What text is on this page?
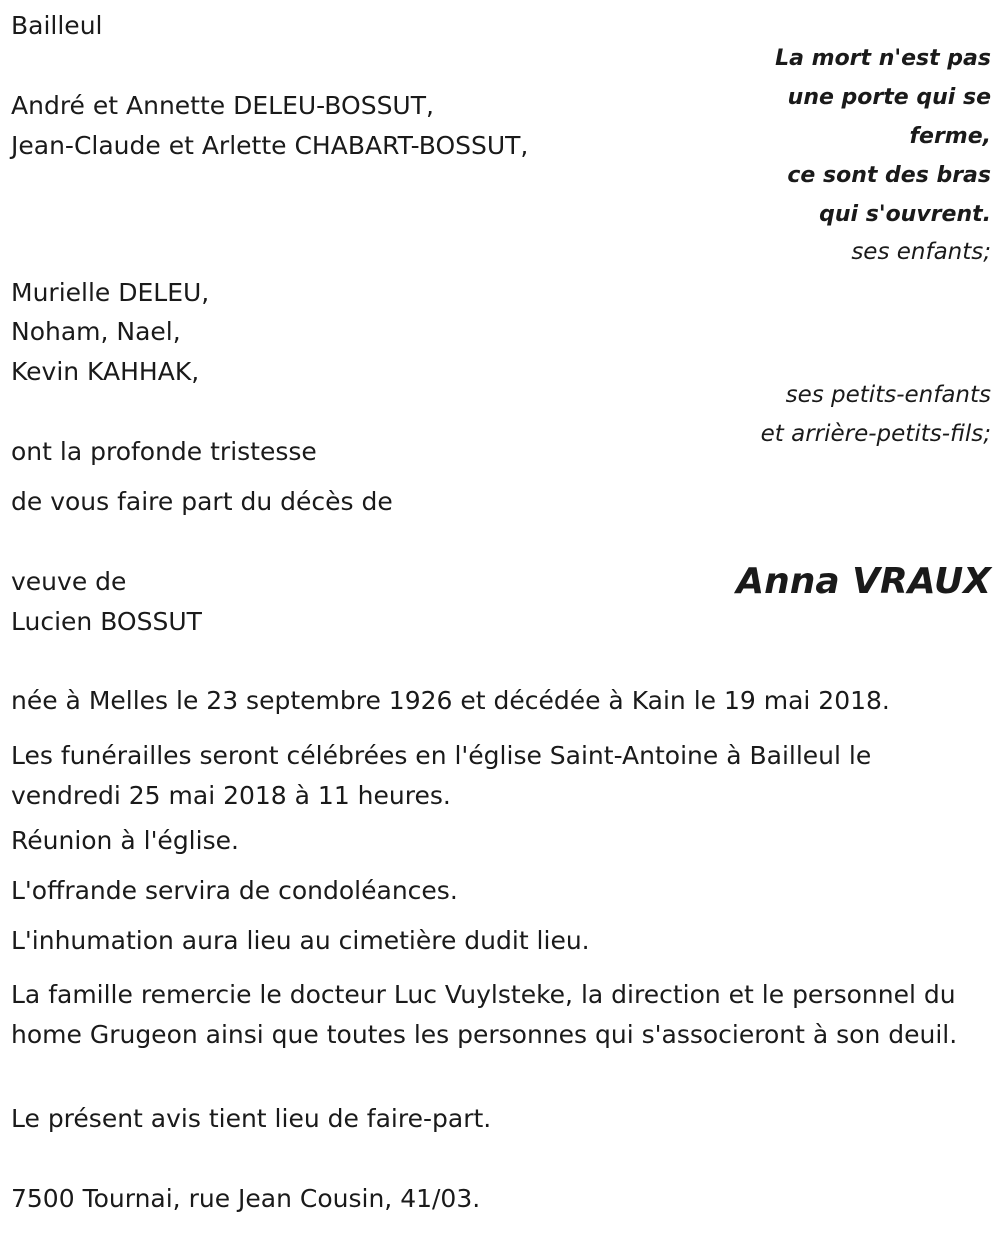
Bailleul
La mort n'est pas
une porte qui se
ferme,
ce sont des bras
qui s'ouvrent.
André et Annette DELEU-BOSSUT,
Jean-Claude et Arlette CHABART-BOSSUT,
ses enfants;
Murielle DELEU,
Noham, Nael,
Kevin KAHHAK,
ses petits-enfants
et arrière-petits-fils;
ont la profonde tristesse
de vous faire part du décès de
veuve de
Lucien BOSSUT
Anna VRAUX
née à Melles le 23 septembre 1926 et décédée à Kain le 19 mai 2018.
Les funérailles seront célébrées en l'église Saint-Antoine à Bailleul le vendredi 25 mai 2018 à 11 heures.
Réunion à l'église.
L'offrande servira de condoléances.
L'inhumation aura lieu au cimetière dudit lieu.
La famille remercie le docteur Luc Vuylsteke, la direction et le personnel du home Grugeon ainsi que toutes les personnes qui s'associeront à son deuil.
Le présent avis tient lieu de faire-part.
7500 Tournai, rue Jean Cousin, 41/03.
